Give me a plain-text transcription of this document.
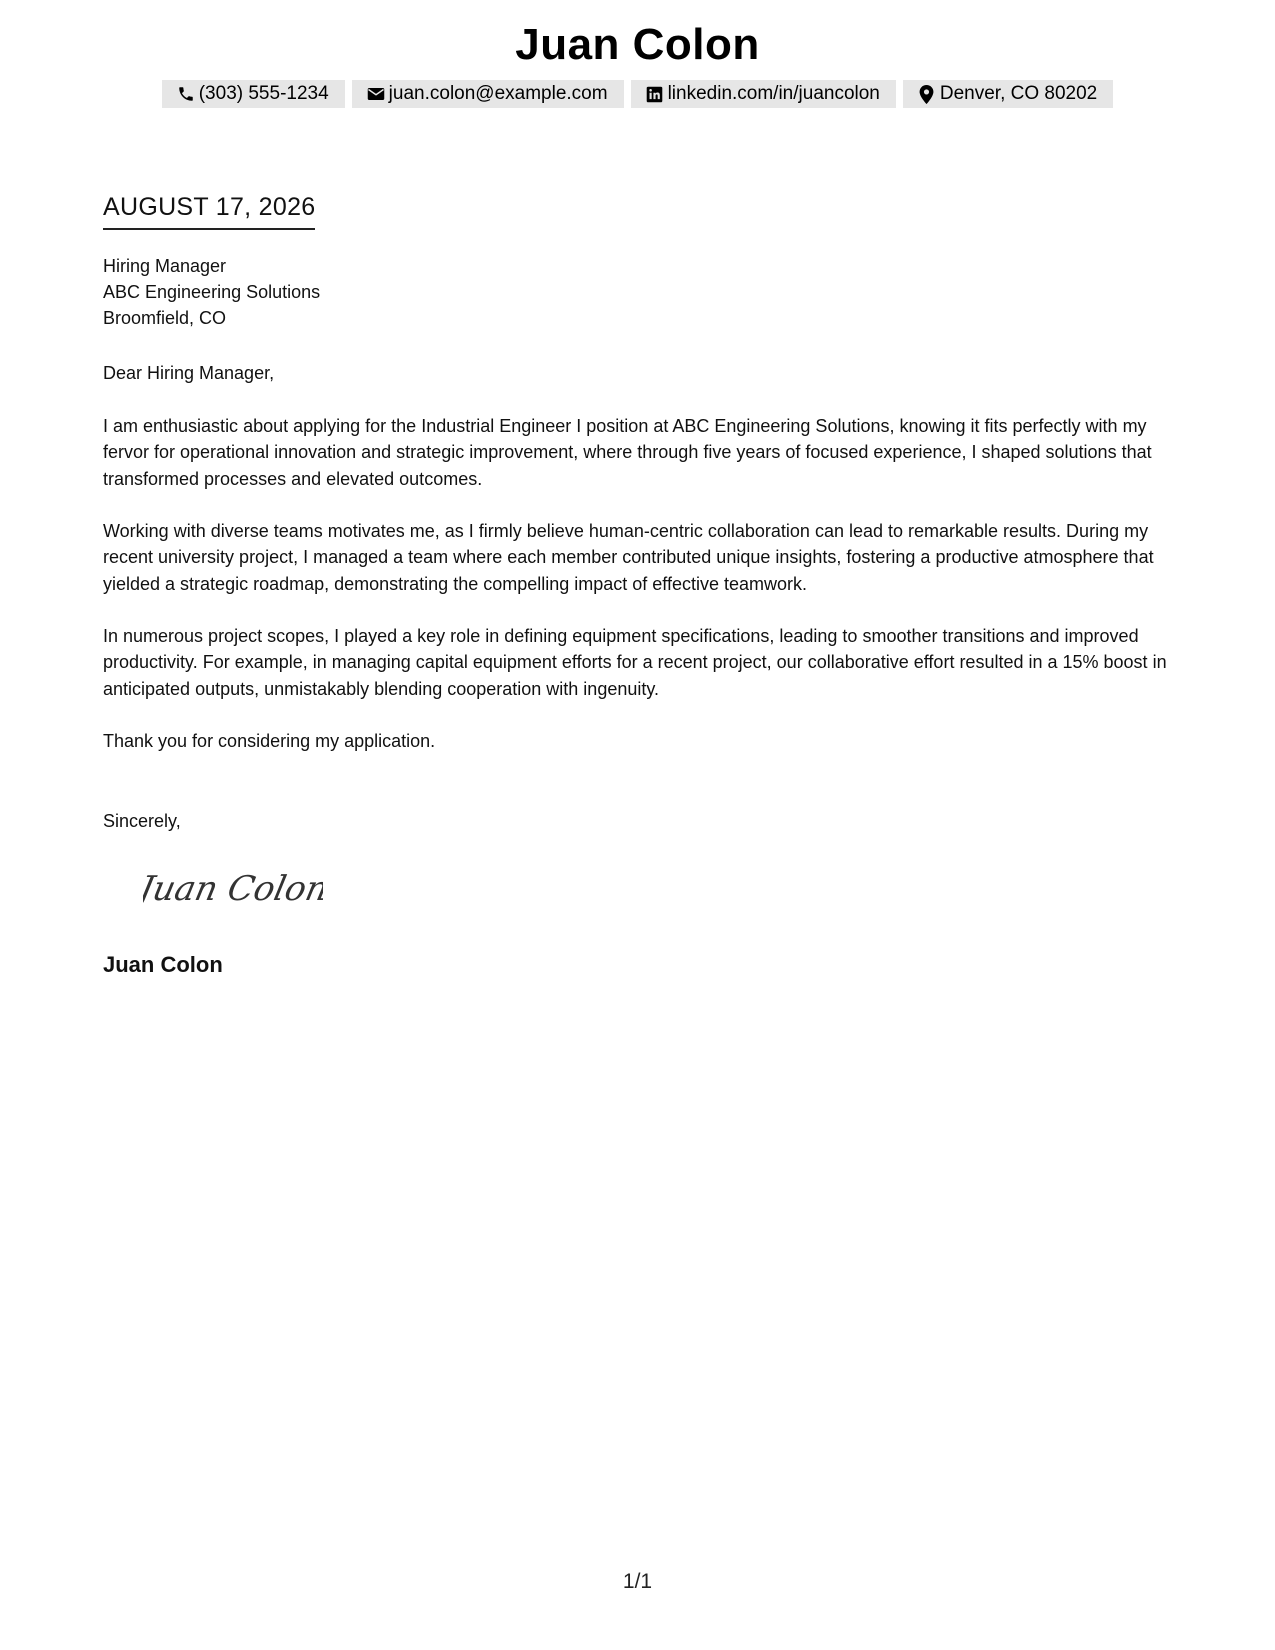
Juan Colon
(303) 555-1234	juan.colon@example.com	linkedin.com/in/juancolon	Denver, CO 80202
AUGUST 17, 2026
Hiring Manager
ABC Engineering Solutions
Broomfield, CO
Dear Hiring Manager,
I am enthusiastic about applying for the Industrial Engineer I position at ABC Engineering Solutions, knowing it fits perfectly with my fervor for operational innovation and strategic improvement, where through five years of focused experience, I shaped solutions that transformed processes and elevated outcomes.
Working with diverse teams motivates me, as I firmly believe human-centric collaboration can lead to remarkable results. During my recent university project, I managed a team where each member contributed unique insights, fostering a productive atmosphere that yielded a strategic roadmap, demonstrating the compelling impact of effective teamwork.
In numerous project scopes, I played a key role in defining equipment specifications, leading to smoother transitions and improved productivity. For example, in managing capital equipment efforts for a recent project, our collaborative effort resulted in a 15% boost in anticipated outputs, unmistakably blending cooperation with ingenuity.
Thank you for considering my application.
Sincerely,
Juan Colon
Juan Colon
1/1
